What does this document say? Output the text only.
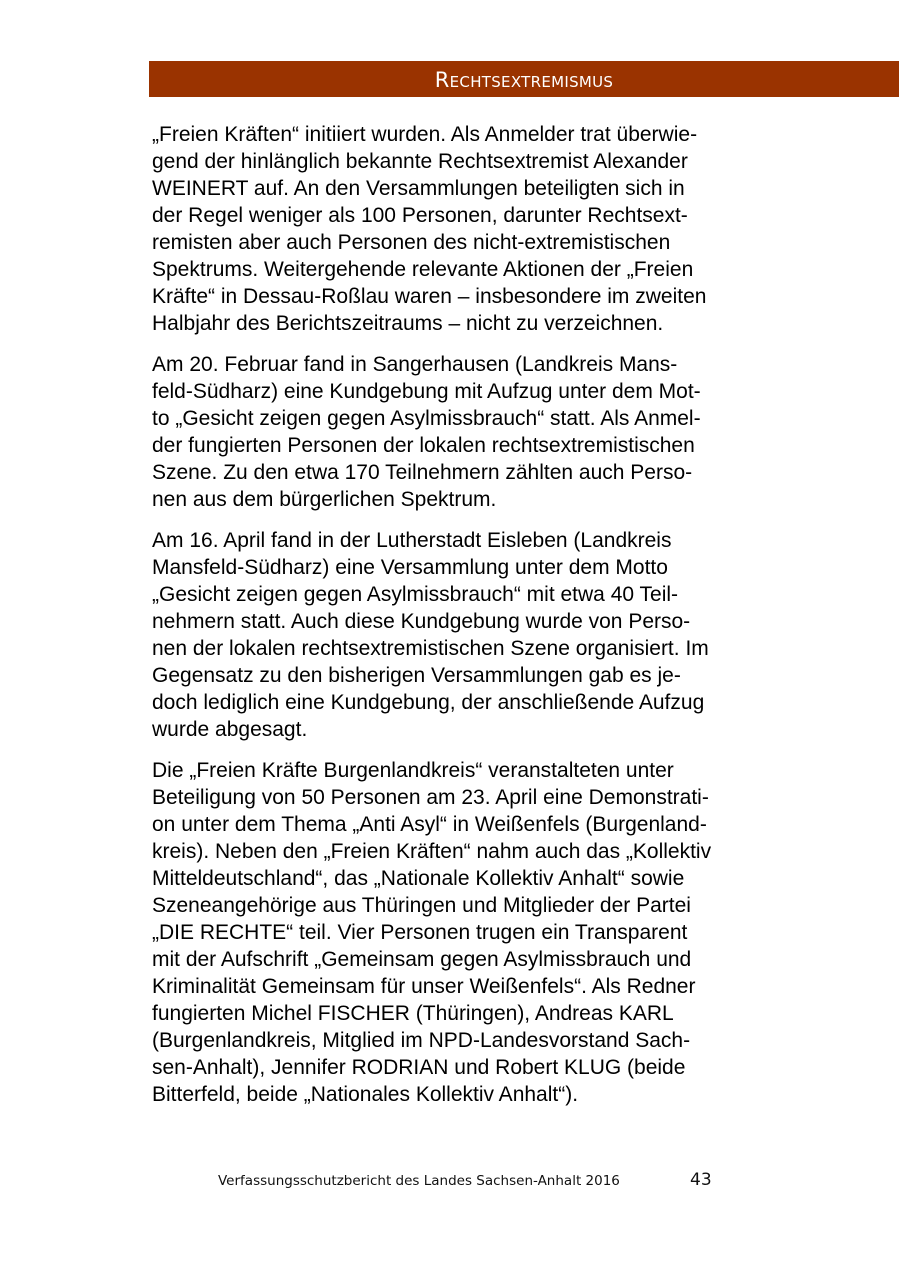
Rechtsextremismus

„Freien Kräften“ initiiert wurden. Als Anmelder trat überwie-
gend der hinlänglich bekannte Rechtsextremist Alexander
WEINERT auf. An den Versammlungen beteiligten sich in
der Regel weniger als 100 Personen, darunter Rechtsext-
remisten aber auch Personen des nicht-extremistischen
Spektrums. Weitergehende relevante Aktionen der „Freien
Kräfte“ in Dessau-Roßlau waren – insbesondere im zweiten
Halbjahr des Berichtszeitraums – nicht zu verzeichnen.

Am 20. Februar fand in Sangerhausen (Landkreis Mans-
feld-Südharz) eine Kundgebung mit Aufzug unter dem Mot-
to „Gesicht zeigen gegen Asylmissbrauch“ statt. Als Anmel-
der fungierten Personen der lokalen rechtsextremistischen
Szene. Zu den etwa 170 Teilnehmern zählten auch Perso-
nen aus dem bürgerlichen Spektrum.

Am 16. April fand in der Lutherstadt Eisleben (Landkreis
Mansfeld-Südharz) eine Versammlung unter dem Motto
„Gesicht zeigen gegen Asylmissbrauch“ mit etwa 40 Teil-
nehmern statt. Auch diese Kundgebung wurde von Perso-
nen der lokalen rechtsextremistischen Szene organisiert. Im
Gegensatz zu den bisherigen Versammlungen gab es je-
doch lediglich eine Kundgebung, der anschließende Aufzug
wurde abgesagt.

Die „Freien Kräfte Burgenlandkreis“ veranstalteten unter
Beteiligung von 50 Personen am 23. April eine Demonstrati-
on unter dem Thema „Anti Asyl“ in Weißenfels (Burgenland-
kreis). Neben den „Freien Kräften“ nahm auch das „Kollektiv
Mitteldeutschland“, das „Nationale Kollektiv Anhalt“ sowie
Szeneangehörige aus Thüringen und Mitglieder der Partei
„DIE RECHTE“ teil. Vier Personen trugen ein Transparent
mit der Aufschrift „Gemeinsam gegen Asylmissbrauch und
Kriminalität Gemeinsam für unser Weißenfels“. Als Redner
fungierten Michel FISCHER (Thüringen), Andreas KARL
(Burgenlandkreis, Mitglied im NPD-Landesvorstand Sach-
sen-Anhalt), Jennifer RODRIAN und Robert KLUG (beide
Bitterfeld, beide „Nationales Kollektiv Anhalt“).

Verfassungsschutzbericht des Landes Sachsen-Anhalt 2016	43
